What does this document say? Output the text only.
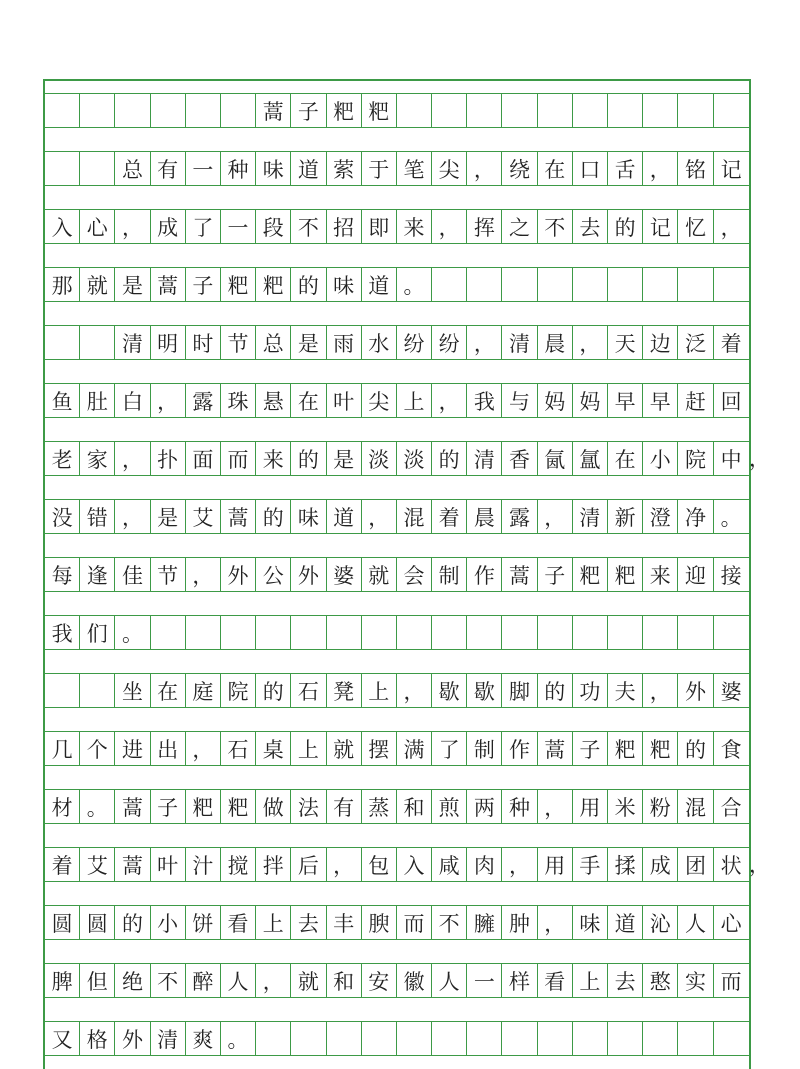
蒿 子 粑 粑
总 有 一 种 味 道 萦 于 笔 尖 ， 绕 在 口 舌 ， 铭 记
入 心 ， 成 了 一 段 不 招 即 来 ， 挥 之 不 去 的 记 忆 ，
那 就 是 蒿 子 粑 粑 的 味 道 。
清 明 时 节 总 是 雨 水 纷 纷 ， 清 晨 ， 天 边 泛 着
鱼 肚 白 ， 露 珠 悬 在 叶 尖 上 ， 我 与 妈 妈 早 早 赶 回
老 家 ， 扑 面 而 来 的 是 淡 淡 的 清 香 氤 氲 在 小 院 中
没 错 ， 是 艾 蒿 的 味 道 ， 混 着 晨 露 ， 清 新 澄 净 。
每 逢 佳 节 ， 外 公 外 婆 就 会 制 作 蒿 子 粑 粑 来 迎 接
我 们 。
坐 在 庭 院 的 石 凳 上 ， 歇 歇 脚 的 功 夫 ， 外 婆
几 个 进 出 ， 石 桌 上 就 摆 满 了 制 作 蒿 子 粑 粑 的 食
材 。 蒿 子 粑 粑 做 法 有 蒸 和 煎 两 种 ， 用 米 粉 混 合
着 艾 蒿 叶 汁 搅 拌 后 ， 包 入 咸 肉 ， 用 手 揉 成 团 状
圆 圆 的 小 饼 看 上 去 丰 腴 而 不 臃 肿 ， 味 道 沁 人 心
脾 但 绝 不 醉 人 ， 就 和 安 徽 人 一 样 看 上 去 憨 实 而
又 格 外 清 爽 。
，
，
